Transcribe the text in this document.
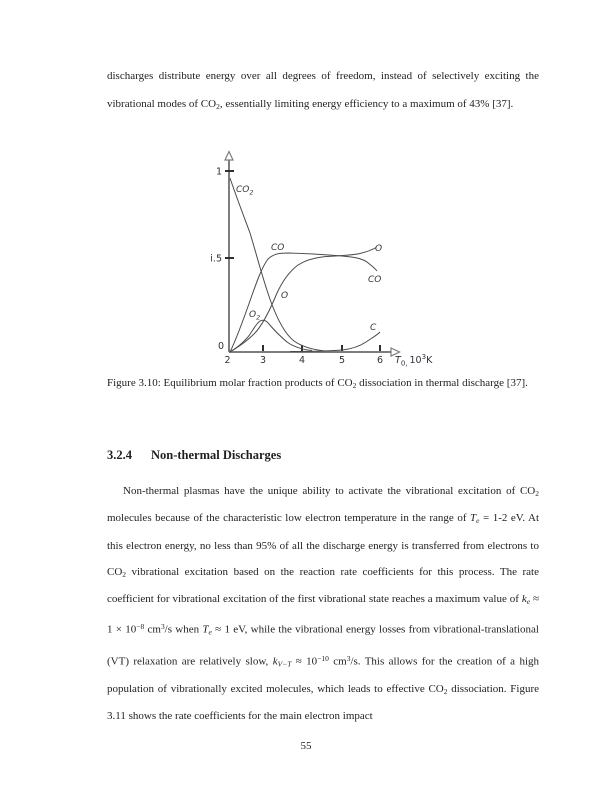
discharges distribute energy over all degrees of freedom, instead of selectively exciting the vibrational modes of $CO_2$, essentially limiting energy efficiency to a maximum of 43% [37].

1
i.5
0
2	3	4	5	6 T0, $10^3_K$
$CO_2$
CO
O
$O_2$
O
CO
C

Figure 3.10: Equilibrium molar fraction products of $CO_2$ dissociation in thermal discharge [37].

3.2.4 Non-thermal Discharges

Non-thermal plasmas have the unique ability to activate the vibrational excitation of $CO_2$ molecules because of the characteristic low electron temperature in the range of Te = 1-2 eV. At this electron energy, no less than 95% of all the discharge energy is transferred from electrons to $CO_2$ vibrational excitation based on the reaction rate coefficients for this process. The rate coefficient for vibrational excitation of the first vibrational state reaches a maximum value of ke ≈ $1 \times 10^{-8}$ $cm^3/s$ when Te ≈ 1 eV, while the vibrational energy losses from vibrational-translational (VT) relaxation are relatively slow, $kV-T \approx 10^{-10}$ $cm^3/s$. This allows for the creation of a high population of vibrationally excited molecules, which leads to effective $CO_2$ dissociation. Figure 3.11 shows the rate coefficients for the main electron impact

55
